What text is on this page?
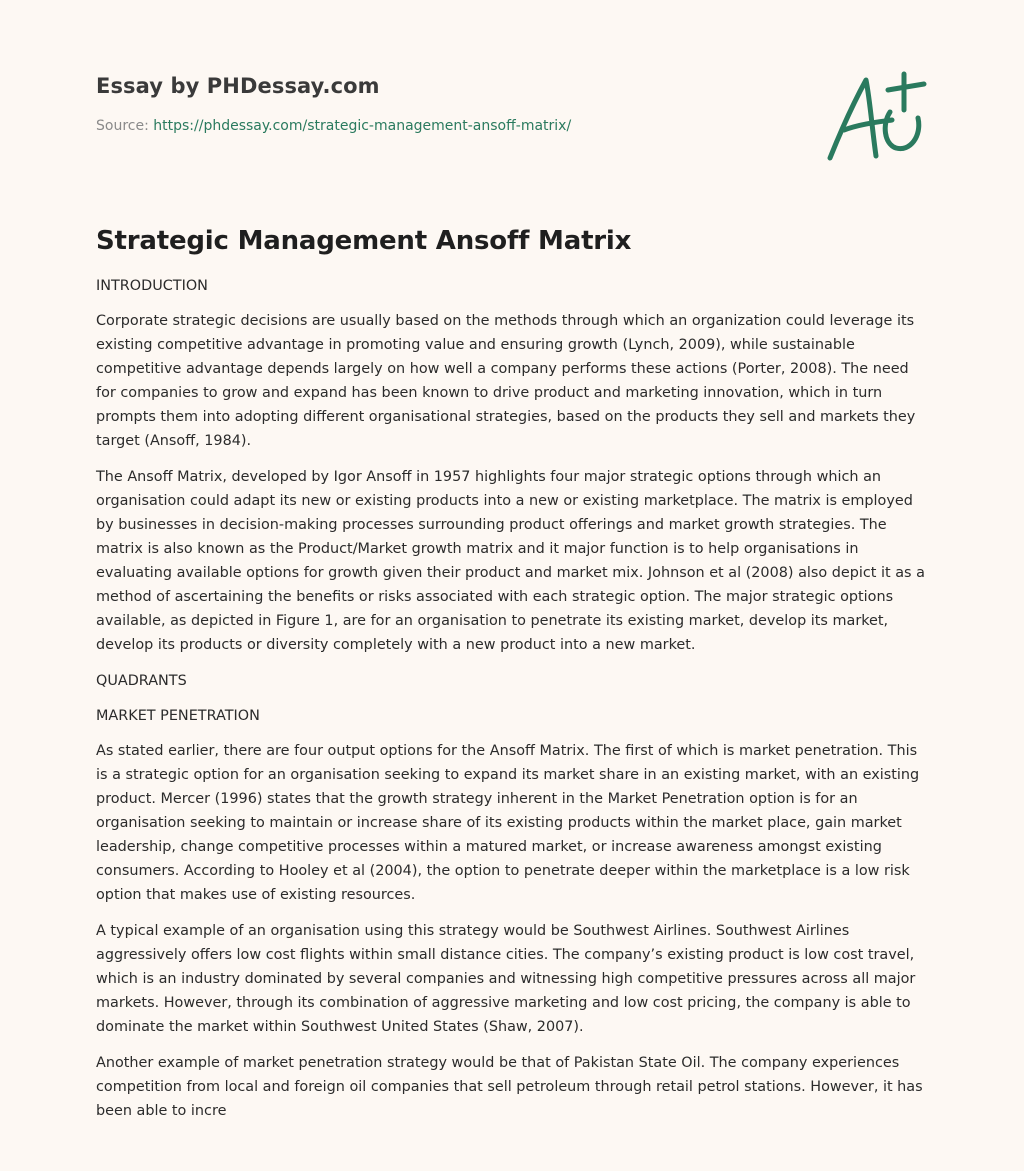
Essay by PHDessay.com
Source: https://phdessay.com/strategic-management-ansoff-matrix/
Strategic Management Ansoff Matrix
INTRODUCTION

Corporate strategic decisions are usually based on the methods through which an organization could leverage its existing competitive advantage in promoting value and ensuring growth (Lynch, 2009), while sustainable competitive advantage depends largely on how well a company performs these actions (Porter, 2008). The need for companies to grow and expand has been known to drive product and marketing innovation, which in turn prompts them into adopting different organisational strategies, based on the products they sell and markets they target (Ansoff, 1984).

The Ansoff Matrix, developed by Igor Ansoff in 1957 highlights four major strategic options through which an organisation could adapt its new or existing products into a new or existing marketplace. The matrix is employed by businesses in decision-making processes surrounding product offerings and market growth strategies. The matrix is also known as the Product/Market growth matrix and it major function is to help organisations in evaluating available options for growth given their product and market mix. Johnson et al (2008) also depict it as a method of ascertaining the benefits or risks associated with each strategic option. The major strategic options available, as depicted in Figure 1, are for an organisation to penetrate its existing market, develop its market, develop its products or diversity completely with a new product into a new market.

QUADRANTS
MARKET PENETRATION

As stated earlier, there are four output options for the Ansoff Matrix. The first of which is market penetration. This is a strategic option for an organisation seeking to expand its market share in an existing market, with an existing product. Mercer (1996) states that the growth strategy inherent in the Market Penetration option is for an organisation seeking to maintain or increase share of its existing products within the market place, gain market leadership, change competitive processes within a matured market, or increase awareness amongst existing consumers. According to Hooley et al (2004), the option to penetrate deeper within the marketplace is a low risk option that makes use of existing resources.

A typical example of an organisation using this strategy would be Southwest Airlines. Southwest Airlines aggressively offers low cost flights within small distance cities. The company’s existing product is low cost travel, which is an industry dominated by several companies and witnessing high competitive pressures across all major markets. However, through its combination of aggressive marketing and low cost pricing, the company is able to dominate the market within Southwest United States (Shaw, 2007).

Another example of market penetration strategy would be that of Pakistan State Oil. The company experiences competition from local and foreign oil companies that sell petroleum through retail petrol stations. However, it has been able to incre
